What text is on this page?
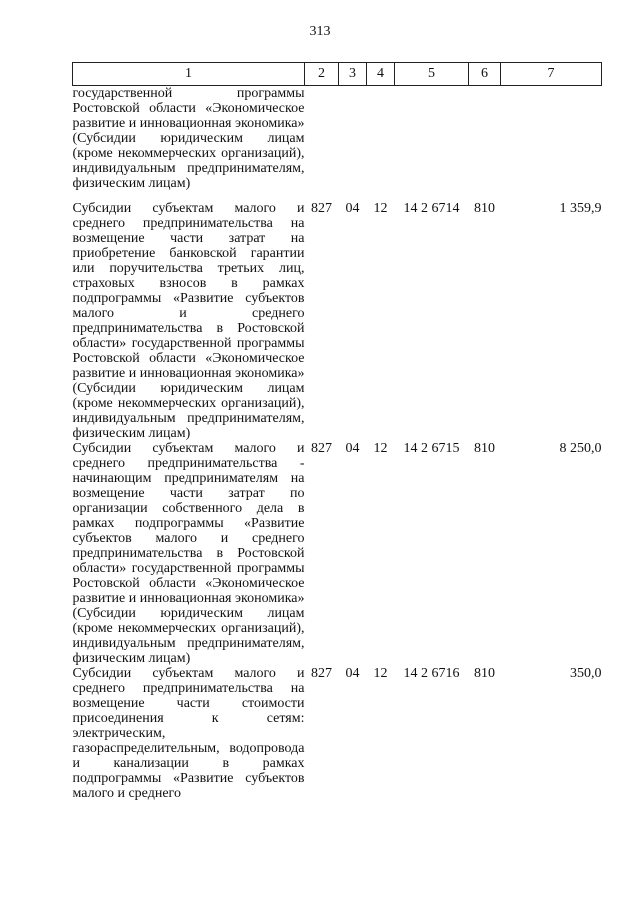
313
1	2	3	4	5	6	7
государственной программы Ростовской области «Экономическое развитие и инновационная экономика» (Субсидии юридическим лицам (кроме некоммерческих организаций), индивидуальным предпринимателям, физическим лицам)						
Субсидии субъектам малого и среднего предпринимательства на возмещение части затрат на приобретение банковской гарантии или поручительства третьих лиц, страховых взносов в рамках подпрограммы «Развитие субъектов малого и среднего предпринимательства в Ростовской области» государственной программы Ростовской области «Экономическое развитие и инновационная экономика» (Субсидии юридическим лицам (кроме некоммерческих организаций), индивидуальным предпринимателям, физическим лицам)	827	04	12	14 2 6714	810	1 359,9
Субсидии субъектам малого и среднего предпринимательства - начинающим предпринимателям на возмещение части затрат по организации собственного дела в рамках подпрограммы «Развитие субъектов малого и среднего предпринимательства в Ростовской области» государственной программы Ростовской области «Экономическое развитие и инновационная экономика» (Субсидии юридическим лицам (кроме некоммерческих организаций), индивидуальным предпринимателям, физическим лицам)	827	04	12	14 2 6715	810	8 250,0
Субсидии субъектам малого и среднего предпринимательства на возмещение части стоимости присоединения к сетям: электрическим, газораспределительным, водопровода и канализации в рамках подпрограммы «Развитие субъектов малого и среднего	827	04	12	14 2 6716	810	350,0
